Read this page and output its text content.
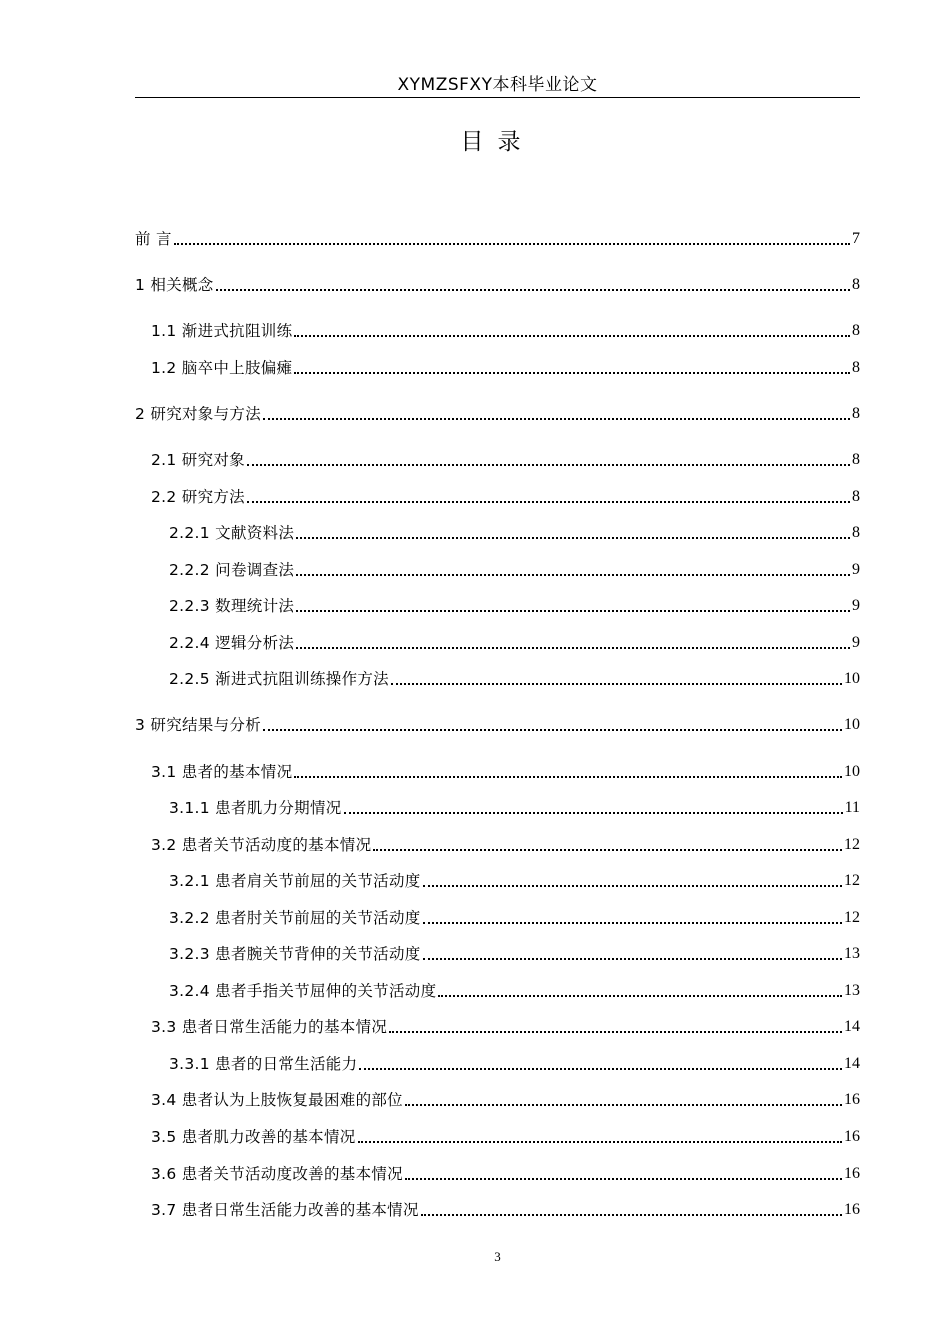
XYMZSFXY本科毕业论文
目录
前 言	7
1 相关概念	8
1.1 渐进式抗阻训练	8
1.2 脑卒中上肢偏瘫	8
2 研究对象与方法	8
2.1 研究对象	8
2.2 研究方法	8
2.2.1 文献资料法	8
2.2.2 问卷调查法	9
2.2.3 数理统计法	9
2.2.4 逻辑分析法	9
2.2.5 渐进式抗阻训练操作方法	10
3 研究结果与分析	10
3.1 患者的基本情况	10
3.1.1 患者肌力分期情况	11
3.2 患者关节活动度的基本情况	12
3.2.1 患者肩关节前屈的关节活动度	12
3.2.2 患者肘关节前屈的关节活动度	12
3.2.3 患者腕关节背伸的关节活动度	13
3.2.4 患者手指关节屈伸的关节活动度	13
3.3 患者日常生活能力的基本情况	14
3.3.1 患者的日常生活能力	14
3.4 患者认为上肢恢复最困难的部位	16
3.5 患者肌力改善的基本情况	16
3.6 患者关节活动度改善的基本情况	16
3.7 患者日常生活能力改善的基本情况	16
3
